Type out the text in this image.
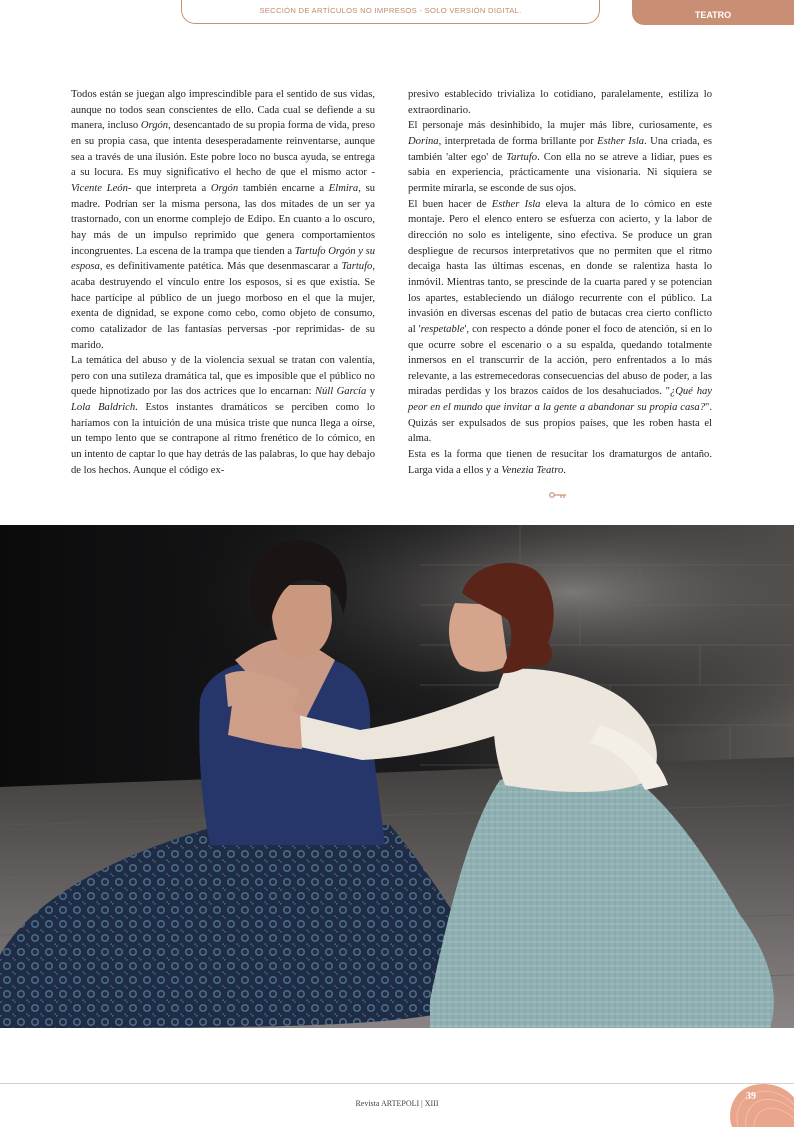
SECCIÓN DE ARTÍCULOS NO IMPRESOS - SOLO VERSIÓN DIGITAL.	TEATRO

Todos están se juegan algo imprescindible para el sentido de sus vidas, aunque no todos sean conscientes de ello. Cada cual se defiende a su manera, incluso Orgón, desencantado de su propia forma de vida, preso en su propia casa, que intenta desesperadamente reinventarse, aunque sea a través de una ilusión. Este pobre loco no busca ayuda, se entrega a su locura. Es muy significativo el hecho de que el mismo actor -Vicente León- que interpreta a Orgón también encarne a Elmira, su madre. Podrían ser la misma persona, las dos mitades de un ser ya trastornado, con un enorme complejo de Edipo. En cuanto a lo oscuro, hay más de un impulso reprimido que genera comportamientos incongruentes. La escena de la trampa que tienden a Tartufo Orgón y su esposa, es definitivamente patética. Más que desenmascarar a Tartufo, acaba destruyendo el vínculo entre los esposos, si es que existía. Se hace partícipe al público de un juego morboso en el que la mujer, exenta de dignidad, se expone como cebo, como objeto de consumo, como catalizador de las fantasías perversas -por reprimidas- de su marido.

La temática del abuso y de la violencia sexual se tratan con valentía, pero con una sutileza dramática tal, que es imposible que el público no quede hipnotizado por las dos actrices que lo encarnan: Núll García y Lola Baldrich. Estos instantes dramáticos se perciben como lo haríamos con la intuición de una música triste que nunca llega a oírse, un tempo lento que se contrapone al ritmo frenético de lo cómico, en un intento de captar lo que hay detrás de las palabras, lo que hay debajo de los hechos. Aunque el código ex-

presivo establecido trivializa lo cotidiano, paralelamente, estiliza lo extraordinario.

El personaje más desinhibido, la mujer más libre, curiosamente, es Dorina, interpretada de forma brillante por Esther Isla. Una criada, es también 'alter ego' de Tartufo. Con ella no se atreve a lidiar, pues es sabia en experiencia, prácticamente una visionaria. Ni siquiera se permite mirarla, se esconde de sus ojos.

El buen hacer de Esther Isla eleva la altura de lo cómico en este montaje. Pero el elenco entero se esfuerza con acierto, y la labor de dirección no solo es inteligente, sino efectiva. Se produce un gran despliegue de recursos interpretativos que no permiten que el ritmo decaiga hasta las últimas escenas, en donde se ralentiza hasta lo inmóvil. Mientras tanto, se prescinde de la cuarta pared y se potencian los apartes, estableciendo un diálogo recurrente con el público. La invasión en diversas escenas del patio de butacas crea cierto conflicto al 'respetable', con respecto a dónde poner el foco de atención, si en lo que ocurre sobre el escenario o a su espalda, quedando totalmente inmersos en el transcurrir de la acción, pero enfrentados a lo más relevante, a las estremecedoras consecuencias del abuso de poder, a las miradas perdidas y los brazos caídos de los desahuciados. "¿Qué hay peor en el mundo que invitar a la gente a abandonar su propia casa?". Quizás ser expulsados de sus propios países, que les roben hasta el alma.

Esta es la forma que tienen de resucitar los dramaturgos de antaño. Larga vida a ellos y a Venezia Teatro.

Revista ARTEPOLI | XIII
39
